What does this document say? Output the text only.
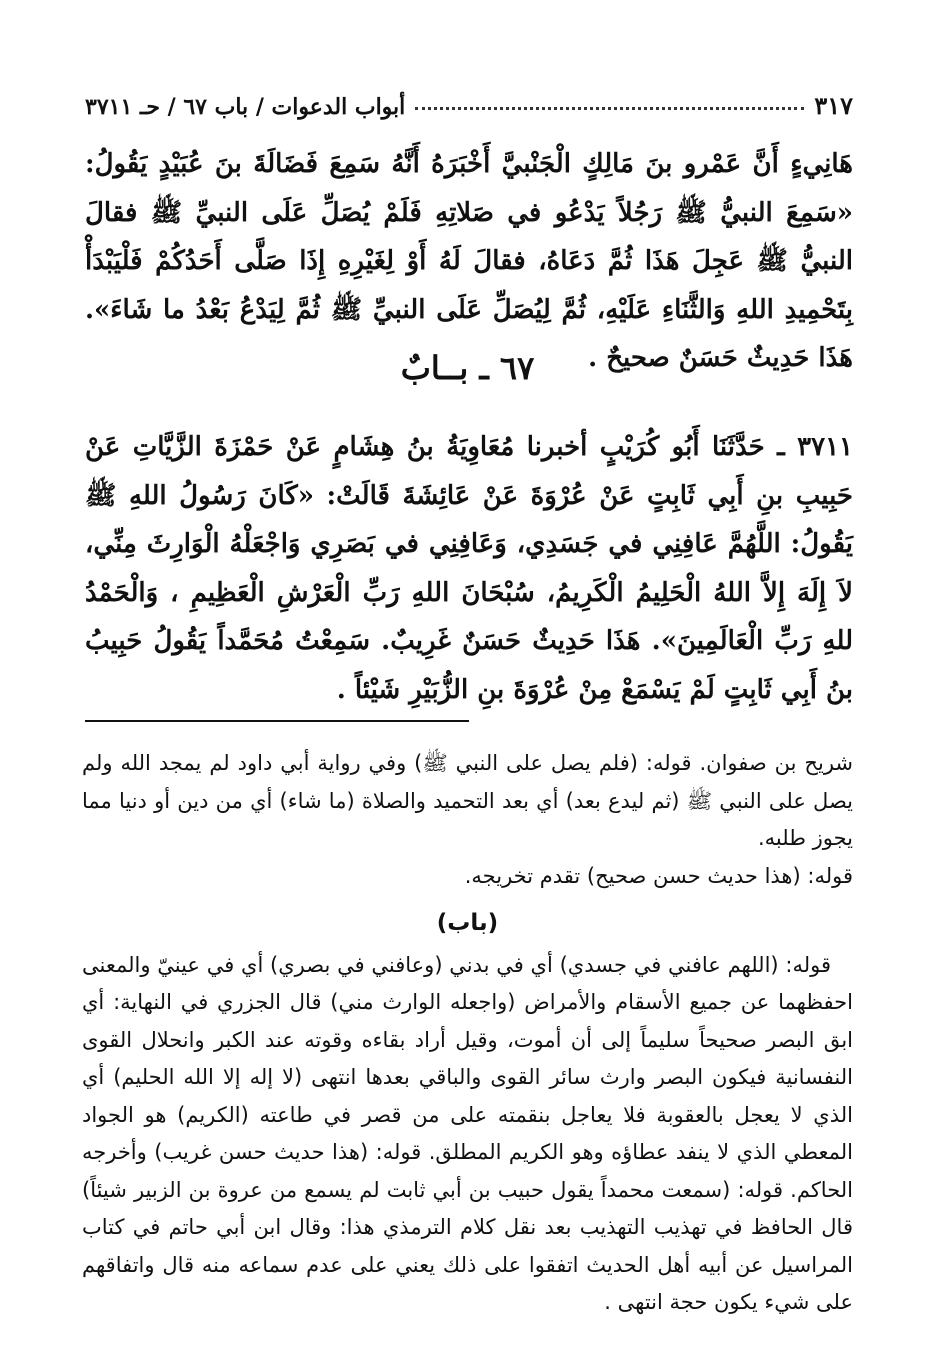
أبواب الدعوات / باب ٦٧ / حـ ٣٧١١	٣١٧

هَانِيءٍ أَنَّ عَمْرو بنَ مَالِكٍ الْجَنْبيَّ أَخْبَرَهُ أَنَّهُ سَمِعَ فَضَالَةَ بنَ عُبَيْدٍ يَقُولُ: «سَمِعَ النبيُّ ﷺ رَجُلاً يَدْعُو في صَلاتِهِ فَلَمْ يُصَلِّ عَلَى النبيِّ ﷺ فقالَ النبيُّ ﷺ عَجِلَ هَذَا ثُمَّ دَعَاهُ، فقالَ لَهُ أَوْ لِغَيْرِهِ إِذَا صَلَّى أَحَدُكُمْ فَلْيَبْدَأْ بِتَحْمِيدِ اللهِ وَالثَّنَاءِ عَلَيْهِ، ثُمَّ لِيُصَلِّ عَلَى النبيِّ ﷺ ثُمَّ لِيَدْعُ بَعْدُ ما شَاءَ». هَذَا حَدِيثٌ حَسَنٌ صحيحٌ .

٦٧ ـ بــابٌ

٣٧١١ ـ حَدَّثَنَا أَبُو كُرَيْبٍ أخبرنا مُعَاوِيَةُ بنُ هِشَامٍ عَنْ حَمْزَةَ الزَّيَّاتِ عَنْ حَبِيبِ بنِ أَبِي ثَابِتٍ عَنْ عُرْوَةَ عَنْ عَائِشَةَ قَالَتْ: «كَانَ رَسُولُ اللهِ ﷺ يَقُولُ: اللَّهُمَّ عَافِنِي في جَسَدِي، وَعَافِنِي في بَصَرِي وَاجْعَلْهُ الْوَارِثَ مِنِّي، لاَ إِلَهَ إِلاَّ اللهُ الْحَلِيمُ الْكَرِيمُ، سُبْحَانَ اللهِ رَبِّ الْعَرْشِ الْعَظِيمِ ، وَالْحَمْدُ للهِ رَبِّ الْعَالَمِينَ». هَذَا حَدِيثٌ حَسَنٌ غَرِيبٌ. سَمِعْتُ مُحَمَّداً يَقُولُ حَبِيبُ بنُ أَبِي ثَابِتٍ لَمْ يَسْمَعْ مِنْ عُرْوَةَ بنِ الزُّبَيْرِ شَيْئاً .

شريح بن صفوان. قوله: (فلم يصل على النبي ﷺ) وفي رواية أبي داود لم يمجد الله ولم يصل على النبي ﷺ (ثم ليدع بعد) أي بعد التحميد والصلاة (ما شاء) أي من دين أو دنيا مما يجوز طلبه.

قوله: (هذا حديث حسن صحيح) تقدم تخريجه.

(باب)

قوله: (اللهم عافني في جسدي) أي في بدني (وعافني في بصري) أي في عينيّ والمعنى احفظهما عن جميع الأسقام والأمراض (واجعله الوارث مني) قال الجزري في النهاية: أي ابق البصر صحيحاً سليماً إلى أن أموت، وقيل أراد بقاءه وقوته عند الكبر وانحلال القوى النفسانية فيكون البصر وارث سائر القوى والباقي بعدها انتهى (لا إله إلا الله الحليم) أي الذي لا يعجل بالعقوبة فلا يعاجل بنقمته على من قصر في طاعته (الكريم) هو الجواد المعطي الذي لا ينفد عطاؤه وهو الكريم المطلق. قوله: (هذا حديث حسن غريب) وأخرجه الحاكم. قوله: (سمعت محمداً يقول حبيب بن أبي ثابت لم يسمع من عروة بن الزبير شيئاً) قال الحافظ في تهذيب التهذيب بعد نقل كلام الترمذي هذا: وقال ابن أبي حاتم في كتاب المراسيل عن أبيه أهل الحديث اتفقوا على ذلك يعني على عدم سماعه منه قال واتفاقهم على شيء يكون حجة انتهى .
